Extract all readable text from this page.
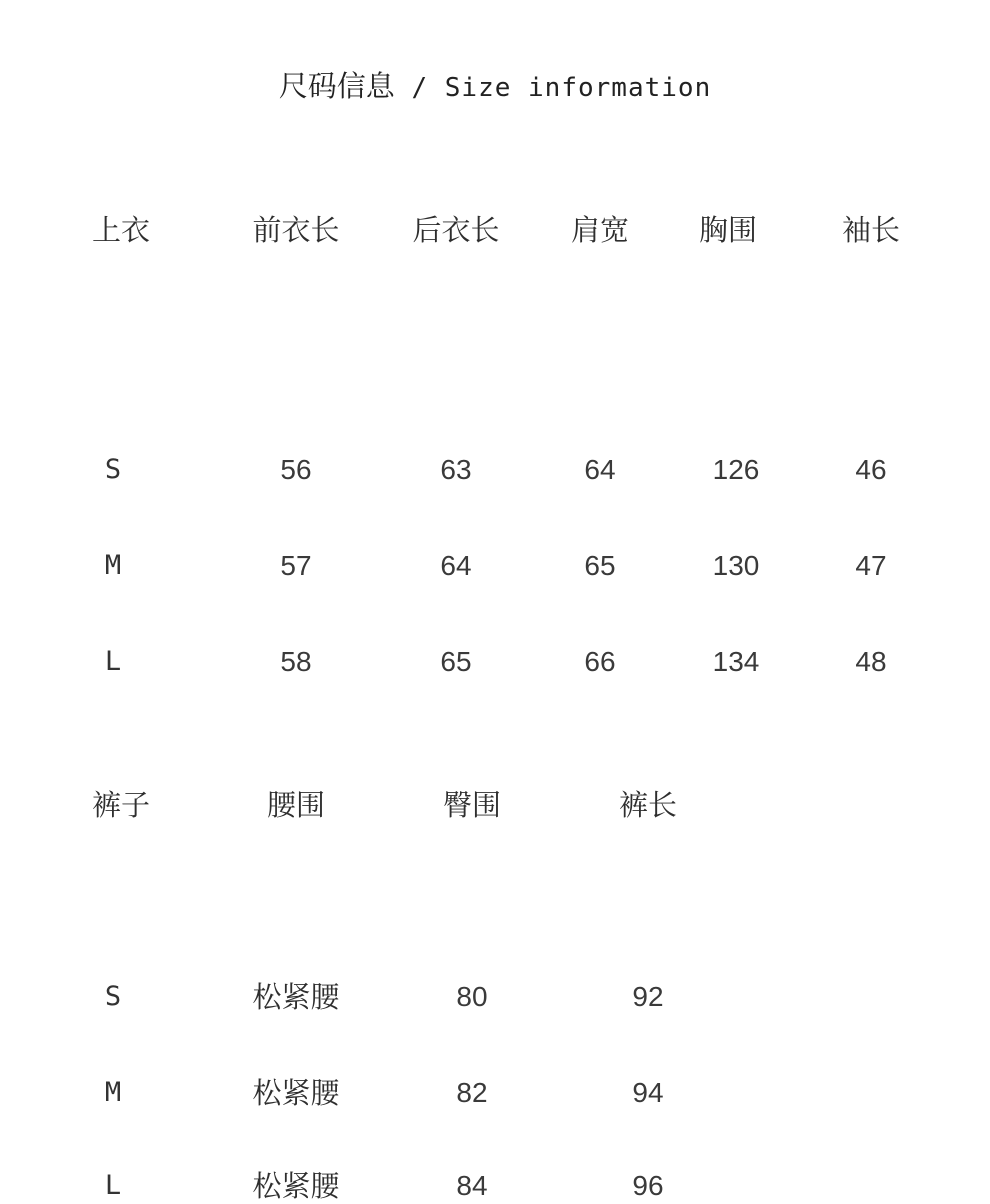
尺码信息 / Size information
上衣	前衣长	后衣长 肩宽 胸围	袖长
S	56	63	64	126	46
M	57	64	65	130	47
L	58	65	66	134	48
裤子	腰围	臀围	裤长
S	松紧腰	80	92
M	松紧腰	82	94
L	松紧腰	84	96
